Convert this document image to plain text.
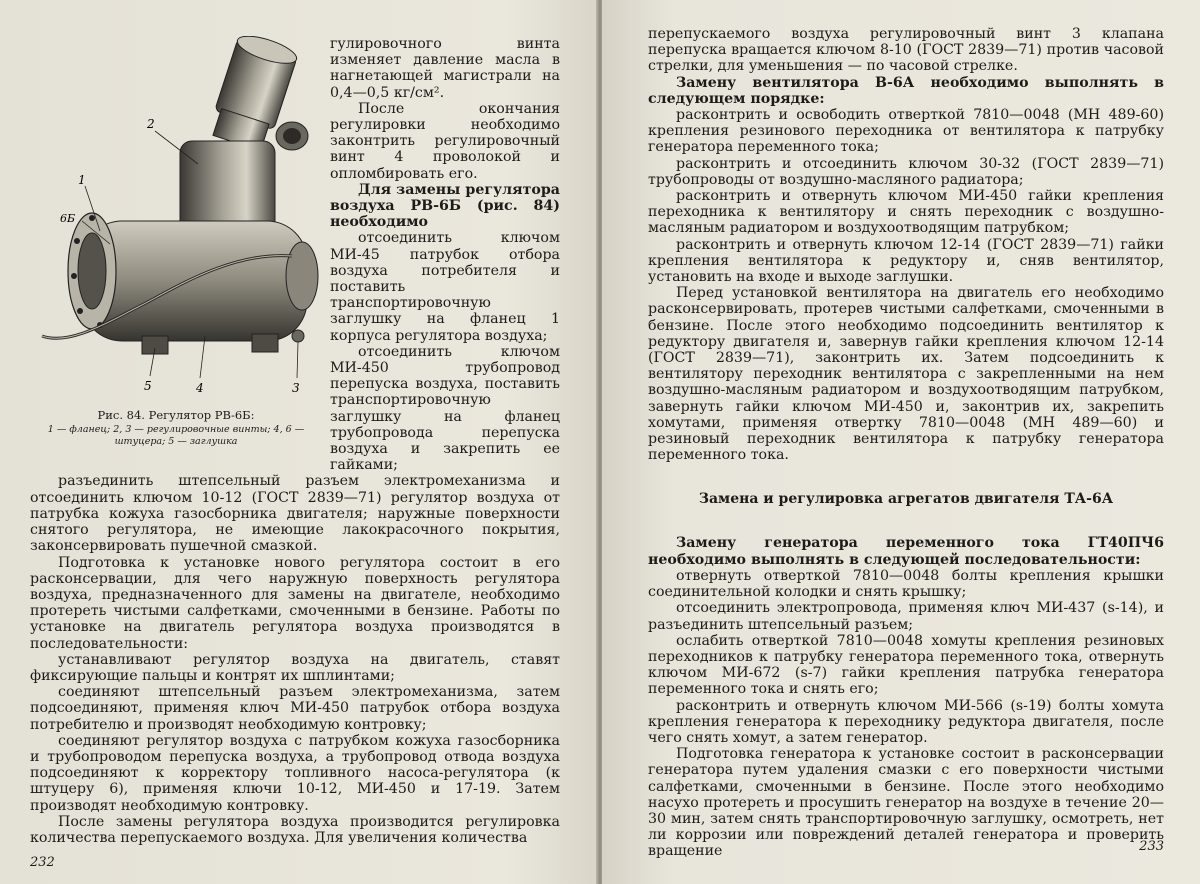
2
1
6Б
5	4	3
Рис. 84. Регулятор РВ-6Б:
1 — фланец; 2, 3 — регулировочные винты; 4, 6 — штуцера; 5 — заглушка

гулировочного винта изменяет давление масла в нагнетающей магистрали на 0,4—0,5 кг/см².

После окончания регулировки необходимо законтрить регулировочный винт 4 проволокой и опломбировать его.

Для замены регулятора воздуха РВ-6Б (рис. 84) необходимо

отсоединить ключом МИ-45 патрубок отбора воздуха потребителя и поставить транспортировочную заглушку на фланец 1 корпуса регулятора воздуха;

отсоединить ключом МИ-450 трубопровод перепуска воздуха, поставить транспортировочную заглушку на фланец трубопровода перепуска воздуха и закрепить ее гайками;

разъединить штепсельный разъем электромеханизма и отсоединить ключом 10-12 (ГОСТ 2839—71) регулятор воздуха от патрубка кожуха газосборника двигателя; наружные поверхности снятого регулятора, не имеющие лакокрасочного покрытия, законсервировать пушечной смазкой.

Подготовка к установке нового регулятора состоит в его расконсервации, для чего наружную поверхность регулятора воздуха, предназначенного для замены на двигателе, необходимо протереть чистыми салфетками, смоченными в бензине. Работы по установке на двигатель регулятора воздуха производятся в последовательности:

устанавливают регулятор воздуха на двигатель, ставят фиксирующие пальцы и контрят их шплинтами;

соединяют штепсельный разъем электромеханизма, затем подсоединяют, применяя ключ МИ-450 патрубок отбора воздуха потребителю и производят необходимую контровку;

соединяют регулятор воздуха с патрубком кожуха газосборника и трубопроводом перепуска воздуха, а трубопровод отвода воздуха подсоединяют к корректору топливного насоса-регулятора (к штуцеру 6), применяя ключи 10-12, МИ-450 и 17-19. Затем производят необходимую контровку.

После замены регулятора воздуха производится регулировка количества перепускаемого воздуха. Для увеличения количества

232

перепускаемого воздуха регулировочный винт 3 клапана перепуска вращается ключом 8-10 (ГОСТ 2839—71) против часовой стрелки, для уменьшения — по часовой стрелке.

Замену вентилятора В-6А необходимо выполнять в следующем порядке:

расконтрить и освободить отверткой 7810—0048 (МН 489-60) крепления резинового переходника от вентилятора к патрубку генератора переменного тока;

расконтрить и отсоединить ключом 30-32 (ГОСТ 2839—71) трубопроводы от воздушно-масляного радиатора;

расконтрить и отвернуть ключом МИ-450 гайки крепления переходника к вентилятору и снять переходник с воздушно-масляным радиатором и воздухоотводящим патрубком;

расконтрить и отвернуть ключом 12-14 (ГОСТ 2839—71) гайки крепления вентилятора к редуктору и, сняв вентилятор, установить на входе и выходе заглушки.

Перед установкой вентилятора на двигатель его необходимо расконсервировать, протерев чистыми салфетками, смоченными в бензине. После этого необходимо подсоединить вентилятор к редуктору двигателя и, завернув гайки крепления ключом 12-14 (ГОСТ 2839—71), законтрить их. Затем подсоединить к вентилятору переходник вентилятора с закрепленными на нем воздушно-масляным радиатором и воздухоотводящим патрубком, завернуть гайки ключом МИ-450 и, законтрив их, закрепить хомутами, применяя отвертку 7810—0048 (МН 489—60) и резиновый переходник вентилятора к патрубку генератора переменного тока.

Замена и регулировка агрегатов двигателя ТА-6А

Замену генератора переменного тока ГТ40ПЧ6 необходимо выполнять в следующей последовательности:

отвернуть отверткой 7810—0048 болты крепления крышки соединительной колодки и снять крышку;

отсоединить электропровода, применяя ключ МИ-437 (s-14), и разъединить штепсельный разъем;

ослабить отверткой 7810—0048 хомуты крепления резиновых переходников к патрубку генератора переменного тока, отвернуть ключом МИ-672 (s-7) гайки крепления патрубка генератора переменного тока и снять его;

расконтрить и отвернуть ключом МИ-566 (s-19) болты хомута крепления генератора к переходнику редуктора двигателя, после чего снять хомут, а затем генератор.

Подготовка генератора к установке состоит в расконсервации генератора путем удаления смазки с его поверхности чистыми салфетками, смоченными в бензине. После этого необходимо насухо протереть и просушить генератор на воздухе в течение 20—30 мин, затем снять транспортировочную заглушку, осмотреть, нет ли коррозии или повреждений деталей генератора и проверить вращение	233
